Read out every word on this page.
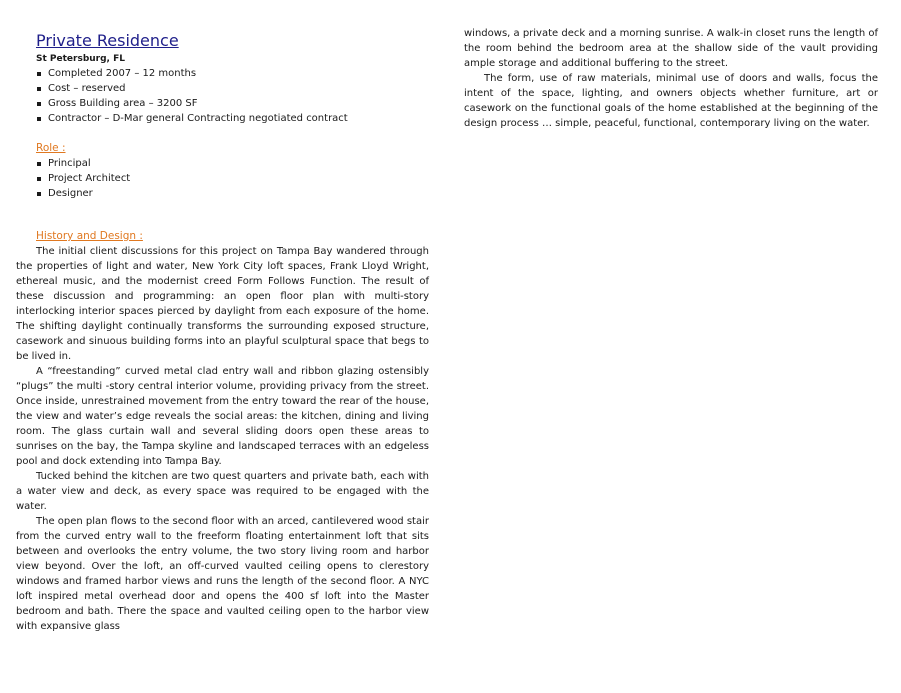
Private Residence
St Petersburg, FL
Completed 2007 – 12 months
Cost – reserved
Gross Building area – 3200 SF
Contractor – D-Mar general Contracting negotiated contract
Role :
Principal
Project Architect
Designer
History and Design :

The initial client discussions for this project on Tampa Bay wandered through the properties of light and water, New York City loft spaces, Frank Lloyd Wright, ethereal music, and the modernist creed Form Follows Function. The result of these discussion and programming: an open floor plan with multi-story interlocking interior spaces pierced by daylight from each exposure of the home. The shifting daylight continually transforms the surrounding exposed structure, casework and sinuous building forms into an playful sculptural space that begs to be lived in.

A “freestanding” curved metal clad entry wall and ribbon glazing ostensibly “plugs” the multi -story central interior volume, providing privacy from the street. Once inside, unrestrained movement from the entry toward the rear of the house, the view and water’s edge reveals the social areas: the kitchen, dining and living room. The glass curtain wall and several sliding doors open these areas to sunrises on the bay, the Tampa skyline and landscaped terraces with an edgeless pool and dock extending into Tampa Bay.

Tucked behind the kitchen are two quest quarters and private bath, each with a water view and deck, as every space was required to be engaged with the water.

The open plan flows to the second floor with an arced, cantilevered wood stair from the curved entry wall to the freeform floating entertainment loft that sits between and overlooks the entry volume, the two story living room and harbor view beyond. Over the loft, an off-curved vaulted ceiling opens to clerestory windows and framed harbor views and runs the length of the second floor. A NYC loft inspired metal overhead door and opens the 400 sf loft into the Master bedroom and bath. There the space and vaulted ceiling open to the harbor view with expansive glass

windows, a private deck and a morning sunrise. A walk-in closet runs the length of the room behind the bedroom area at the shallow side of the vault providing ample storage and additional buffering to the street.

The form, use of raw materials, minimal use of doors and walls, focus the intent of the space, lighting, and owners objects whether furniture, art or casework on the functional goals of the home established at the beginning of the design process … simple, peaceful, functional, contemporary living on the water.
